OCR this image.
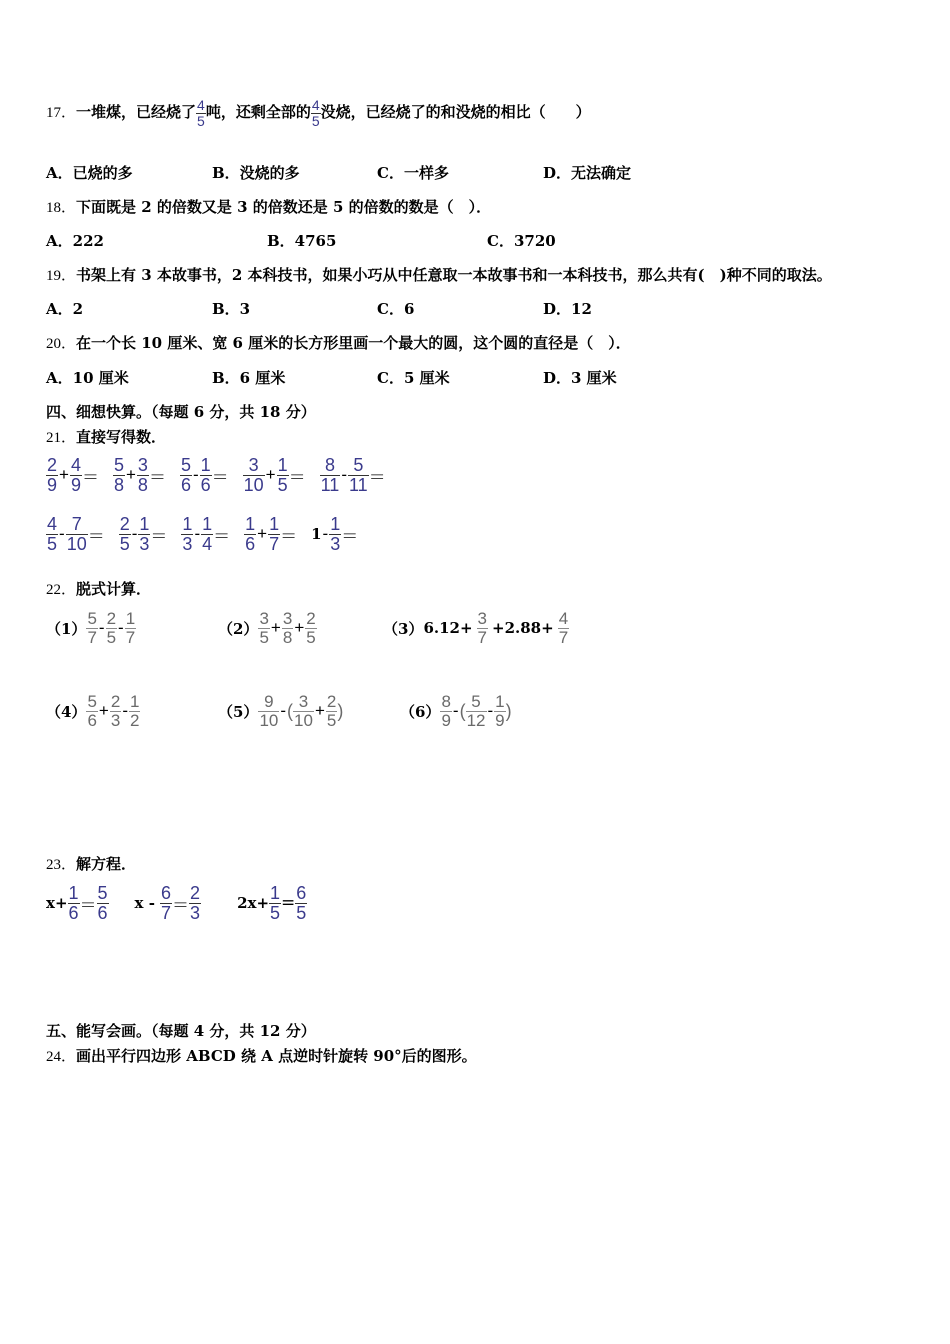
17．一堆煤，已经烧了 $\frac{4}{5}$ 吨，还剩全部的 $\frac{4}{5}$ 没烧，已经烧了的和没烧的相比（　　）
A．已烧的多	B．没烧的多	C．一样多	D．无法确定
18．下面既是 2 的倍数又是 3 的倍数还是 5 的倍数的数是（　）．
A．222	B．4765	C．3720
19．书架上有 3 本故事书，2 本科技书，如果小巧从中任意取一本故事书和一本科技书，那么共有(　)种不同的取法。
A．2	B．3	C．6	D．12
20．在一个长 10 厘米、宽 6 厘米的长方形里画一个最大的圆，这个圆的直径是（　）．
A．10 厘米	B．6 厘米	C．5 厘米	D．3 厘米
四、细想快算。（每题 6 分，共 18 分）
21．直接写得数．
2
$9 + \frac{4}{9}$ ＝
5
$8 + \frac{3}{8}$ ＝
5
6 - 1
6 ＝
3
$10 + \frac{1}{5}$ ＝
8
11 - 5
11 ＝
4
5 - 7
10 ＝
2
5 - 1
3 ＝
1
3 - 1
4 ＝
1
$6 + \frac{1}{7} = 1 - 1$
3 ＝
22．脱式计算．
（1）
5
7 - 2
5 - 1
7	（2）
3
$5 + \frac{3}{8} + \frac{2}{5}$	（3） $6.12+ \frac{3}{7} +2.88+ \frac{4}{7}$
（4）
5
$6 + \frac{2}{3} - 1$
2	（5）
9
10 - ( 3
$10 + \frac{2}{5}$ )	（6）
8
9 - ( 5
12 - 1
9 )
23．解方程．
$x+ \frac{1}{6}$ ＝
5
6 x -

6
7 ＝
2
3 $2x+ \frac{1}{5} = \frac{6}{5}$
五、能写会画。（每题 4 分，共 12 分）
24．画出平行四边形 ABCD 绕 A 点逆时针旋转 90°后的图形。
